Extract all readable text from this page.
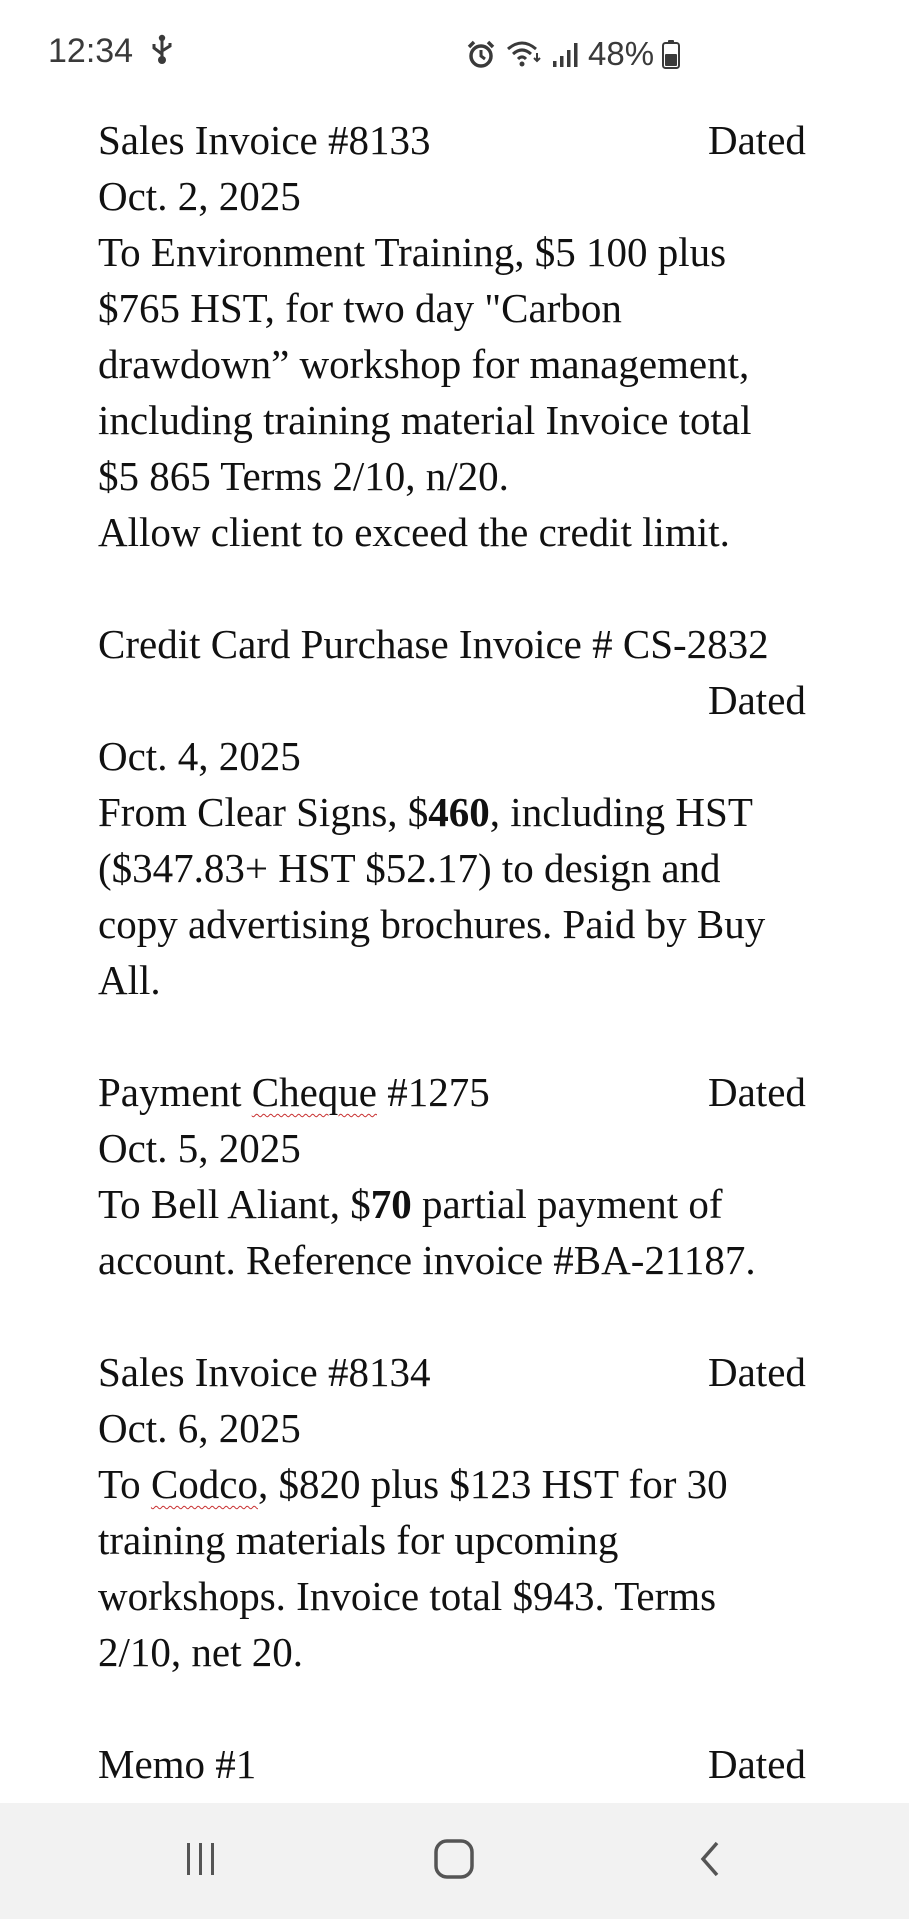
12:34	48%
Sales Invoice #8133	Dated

Oct. 2, 2025

To Environment Training, $5 100 plus

$765 HST, for two day "Carbon

drawdown” workshop for management,

including training material Invoice total

$5 865 Terms 2/10, n/20.

Allow client to exceed the credit limit.

Credit Card Purchase Invoice # CS-2832

Dated

Oct. 4, 2025

From Clear Signs, $460, including HST

($347.83+ HST $52.17) to design and

copy advertising brochures. Paid by Buy

All.

Payment Cheque #1275	Dated

Oct. 5, 2025

To Bell Aliant, $70 partial payment of

account. Reference invoice #BA-21187.

Sales Invoice #8134	Dated

Oct. 6, 2025

To Codco, $820 plus $123 HST for 30

training materials for upcoming

workshops. Invoice total $943. Terms

2/10, net 20.

Memo #1	Dated
